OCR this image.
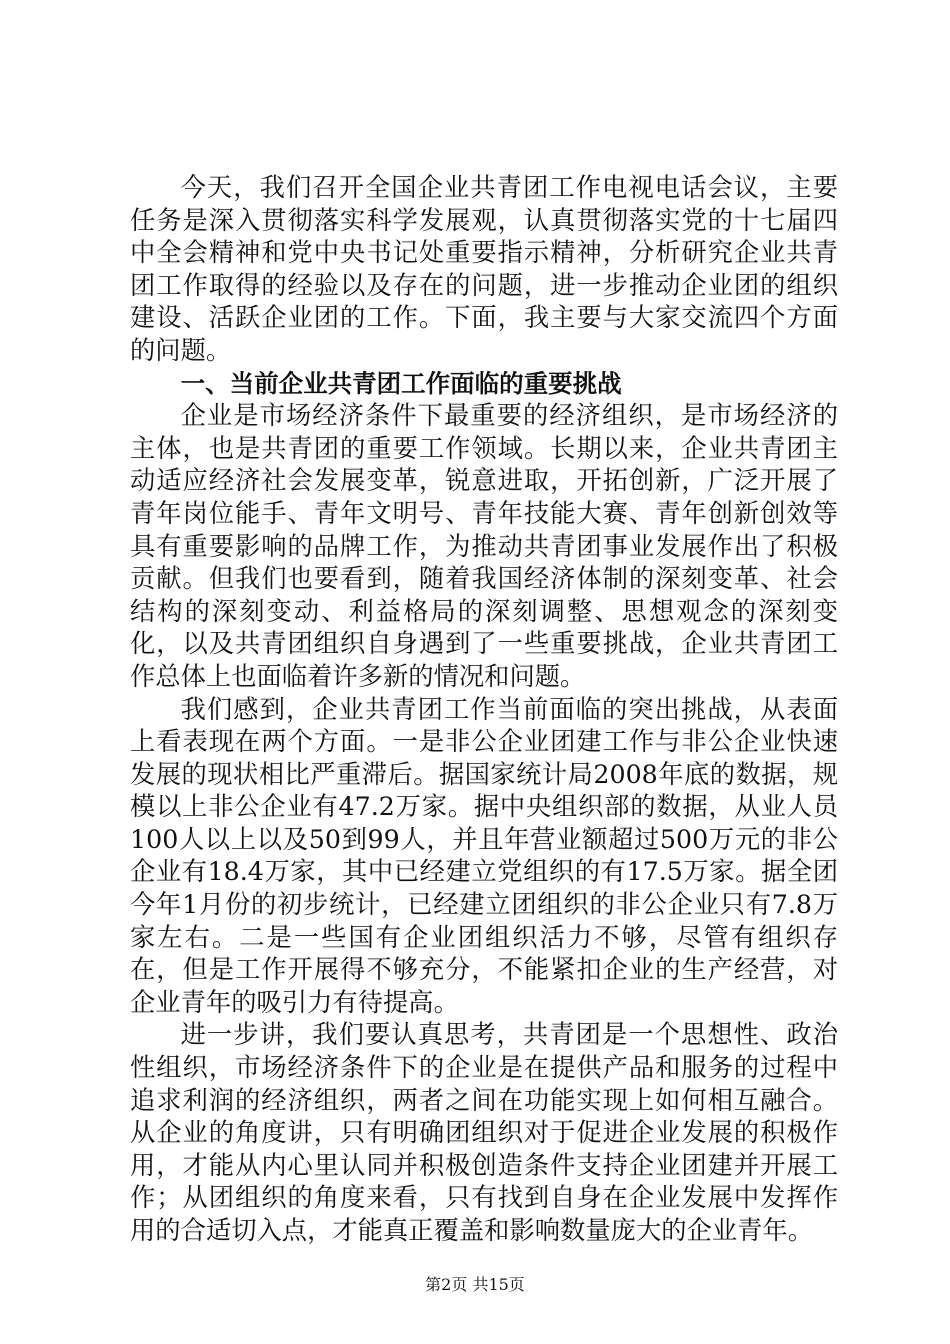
今天，我们召开全国企业共青团工作电视电话会议，主要任务是深入贯彻落实科学发展观，认真贯彻落实党的十七届四中全会精神和党中央书记处重要指示精神，分析研究企业共青团工作取得的经验以及存在的问题，进一步推动企业团的组织建设、活跃企业团的工作。下面，我主要与大家交流四个方面的问题。

一、当前企业共青团工作面临的重要挑战

企业是市场经济条件下最重要的经济组织，是市场经济的主体，也是共青团的重要工作领域。长期以来，企业共青团主动适应经济社会发展变革，锐意进取，开拓创新，广泛开展了青年岗位能手、青年文明号、青年技能大赛、青年创新创效等具有重要影响的品牌工作，为推动共青团事业发展作出了积极贡献。但我们也要看到，随着我国经济体制的深刻变革、社会结构的深刻变动、利益格局的深刻调整、思想观念的深刻变化，以及共青团组织自身遇到了一些重要挑战，企业共青团工作总体上也面临着许多新的情况和问题。

我们感到，企业共青团工作当前面临的突出挑战，从表面上看表现在两个方面。一是非公企业团建工作与非公企业快速发展的现状相比严重滞后。据国家统计局2008年底的数据，规模以上非公企业有47.2万家。据中央组织部的数据，从业人员100人以上以及50到99人，并且年营业额超过500万元的非公企业有18.4万家，其中已经建立党组织的有17.5万家。据全团今年1月份的初步统计，已经建立团组织的非公企业只有7.8万家左右。二是一些国有企业团组织活力不够，尽管有组织存在，但是工作开展得不够充分，不能紧扣企业的生产经营，对企业青年的吸引力有待提高。

进一步讲，我们要认真思考，共青团是一个思想性、政治性组织，市场经济条件下的企业是在提供产品和服务的过程中追求利润的经济组织，两者之间在功能实现上如何相互融合。从企业的角度讲，只有明确团组织对于促进企业发展的积极作用，才能从内心里认同并积极创造条件支持企业团建并开展工作；从团组织的角度来看，只有找到自身在企业发展中发挥作用的合适切入点，才能真正覆盖和影响数量庞大的企业青年。

第2页 共15页
